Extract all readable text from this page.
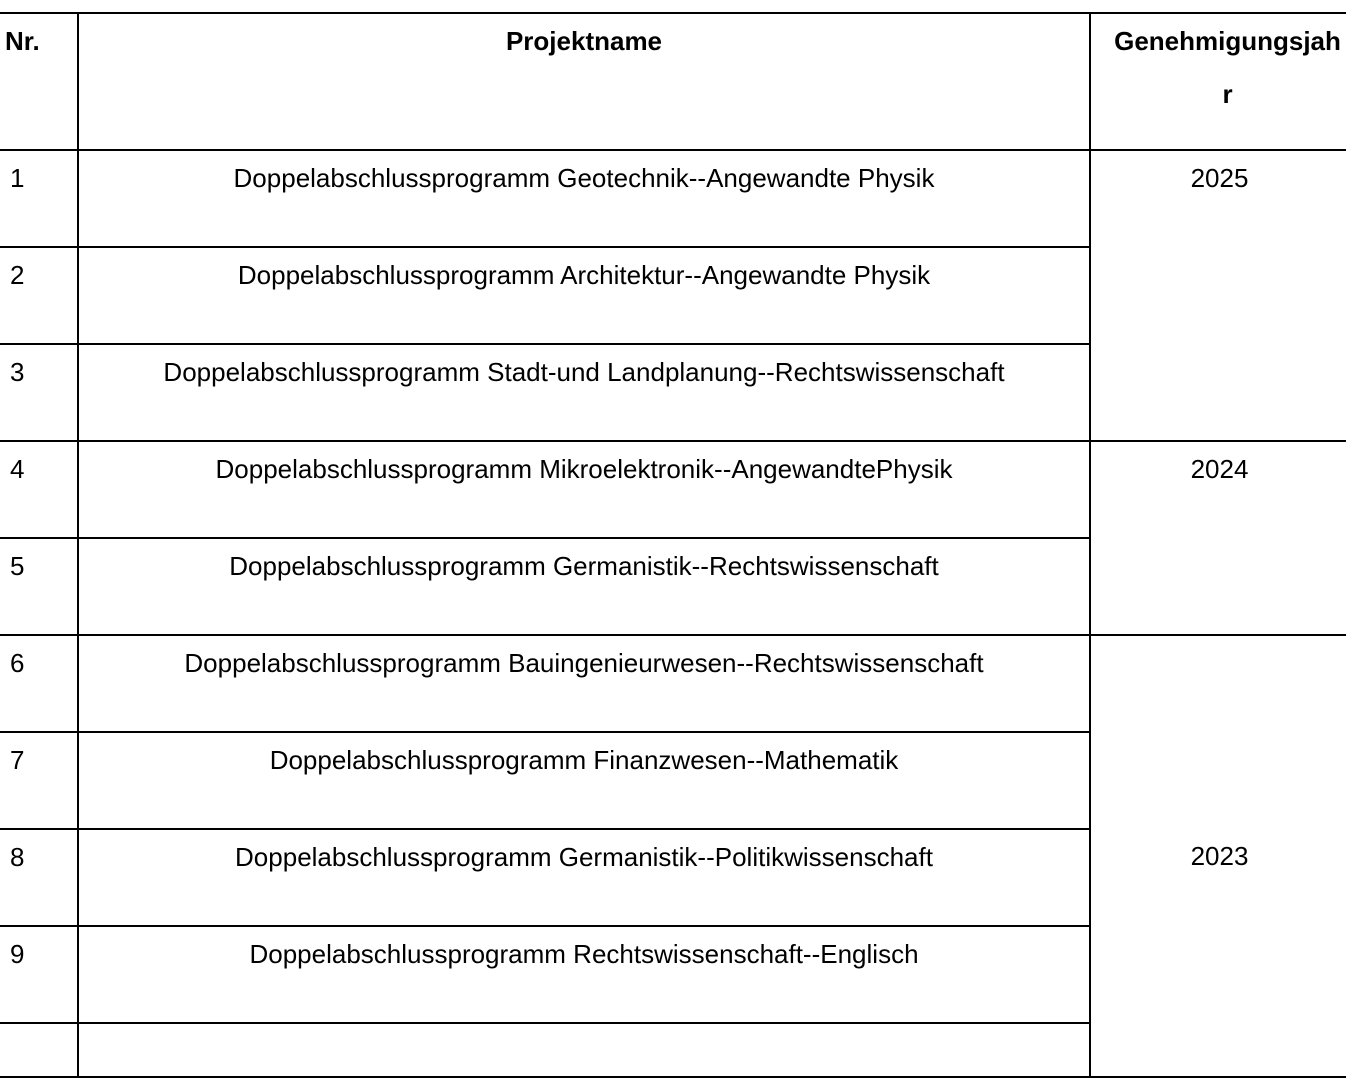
Nr.	Projektname	Genehmigungsjahr
1	Doppelabschlussprogramm Geotechnik--Angewandte Physik	2025
2	Doppelabschlussprogramm Architektur--Angewandte Physik	
3	Doppelabschlussprogramm Stadt-und Landplanung--Rechtswissenschaft	
4	Doppelabschlussprogramm Mikroelektronik--AngewandtePhysik	2024
5	Doppelabschlussprogramm Germanistik--Rechtswissenschaft	
6	Doppelabschlussprogramm Bauingenieurwesen--Rechtswissenschaft	2023
7	Doppelabschlussprogramm Finanzwesen--Mathematik	
8	Doppelabschlussprogramm Germanistik--Politikwissenschaft	
9	Doppelabschlussprogramm Rechtswissenschaft--Englisch	
